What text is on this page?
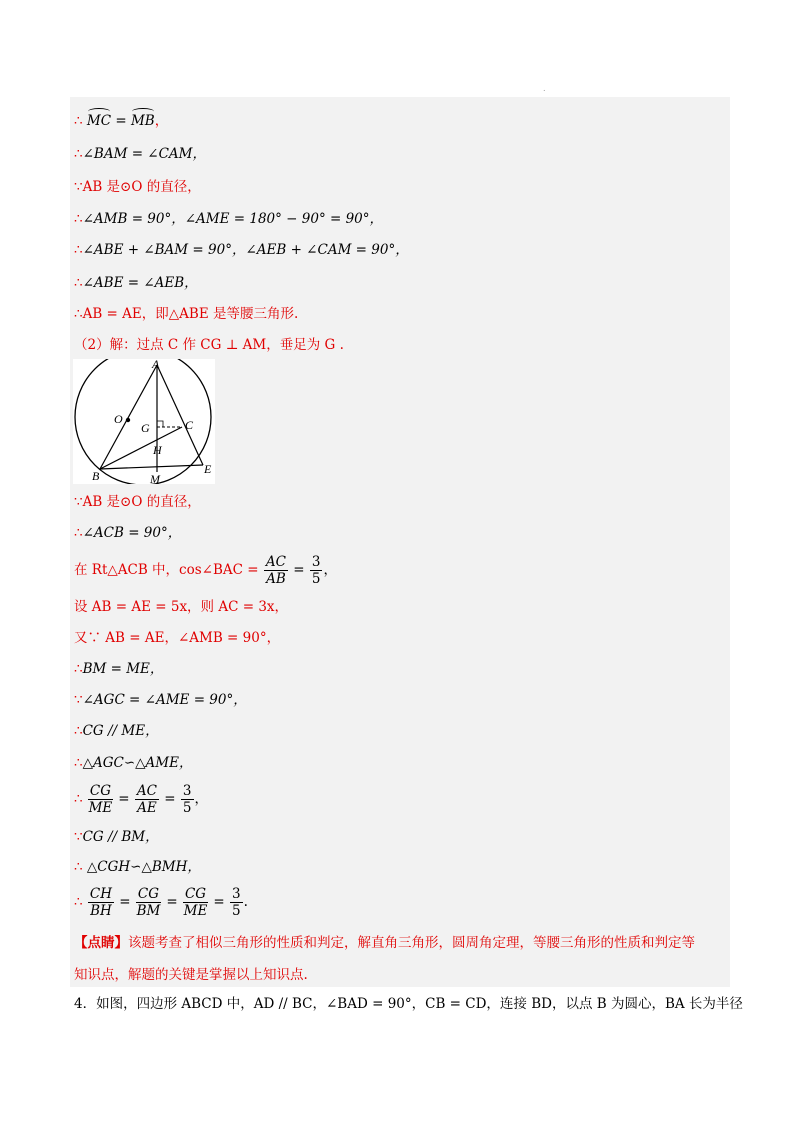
.
∴ MC = MB，
∴∠BAM = ∠CAM，
∵AB 是⊙O 的直径，
∴∠AMB = 90°，∠AME = 180° − 90° = 90°，
∴∠ABE + ∠BAM = 90°，∠AEB + ∠CAM = 90°，
∴∠ABE = ∠AEB，
∴AB = AE，即△ABE 是等腰三角形.
（2）解：过点 C 作 CG ⊥ AM，垂足为 G .
A
O
G	C
H
B	M
E
∵AB 是⊙O 的直径，
∴∠ACB = 90°，
在 Rt△ACB 中，cos∠BAC = $\frac{AC}{AB} = \frac{3}{5}$ ，
设 AB = AE = 5x，则 AC = 3x，
又∵ AB = AE，∠AMB = 90°，
∴BM = ME，
∵∠AGC = ∠AME = 90°，
∴CG // ME，
∴△AGC∽△AME，
∴ $\frac{CG}{ME} = \frac{AC}{AE} = \frac{3}{5}$ ，
∵CG // BM，
∴ △CGH∽△BMH，
∴ $\frac{CH}{BH} = \frac{CG}{BM} = \frac{CG}{ME} = \frac{3}{5}$ .
【点睛】该题考查了相似三角形的性质和判定，解直角三角形，圆周角定理，等腰三角形的性质和判定等
知识点，解题的关键是掌握以上知识点.
4．如图，四边形 ABCD 中，AD // BC，∠BAD = 90°，CB = CD，连接 BD，以点 B 为圆心，BA 长为半径
